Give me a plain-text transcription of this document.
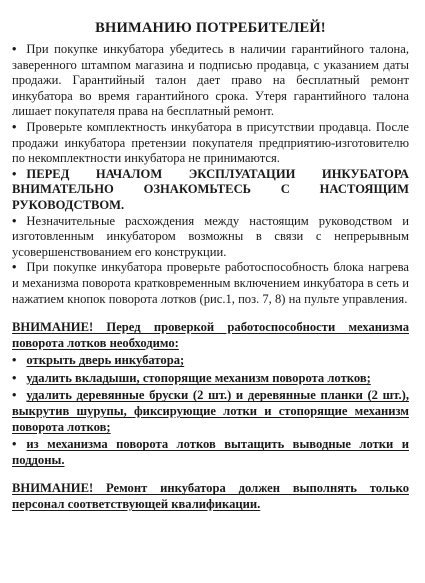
ВНИМАНИЮ ПОТРЕБИТЕЛЕЙ!

• При покупке инкубатора убедитесь в наличии гарантийного талона, заверенного штампом магазина и подписью продавца, с указанием даты продажи. Гарантийный талон дает право на бесплатный ремонт инкубатора во время гарантийного срока. Утеря гарантийного талона лишает покупателя права на бесплатный ремонт.

• Проверьте комплектность инкубатора в присутствии продавца. После продажи инкубатора претензии покупателя предприятию-изготовителю по некомплектности инкубатора не принимаются.

• ПЕРЕД НАЧАЛОМ ЭКСПЛУАТАЦИИ ИНКУБАТОРА ВНИМАТЕЛЬНО ОЗНАКОМЬТЕСЬ С НАСТОЯЩИМ РУКОВОДСТВОМ.

• Незначительные расхождения между настоящим руководством и изготовленным инкубатором возможны в связи с непрерывным усовершенствованием его конструкции.

• При покупке инкубатора проверьте работоспособность блока нагрева и механизма поворота кратковременным включением инкубатора в сеть и нажатием кнопок поворота лотков (рис.1, поз. 7, 8) на пульте управления.

ВНИМАНИЕ! Перед проверкой работоспособности механизма поворота лотков необходимо:

• открыть дверь инкубатора;

• удалить вкладыши, стопорящие механизм поворота лотков;

• удалить деревянные бруски (2 шт.) и деревянные планки (2 шт.), выкрутив шурупы, фиксирующие лотки и стопорящие механизм поворота лотков;

• из механизма поворота лотков вытащить выводные лотки и поддоны.

ВНИМАНИЕ! Ремонт инкубатора должен выполнять только персонал соответствующей квалификации.
